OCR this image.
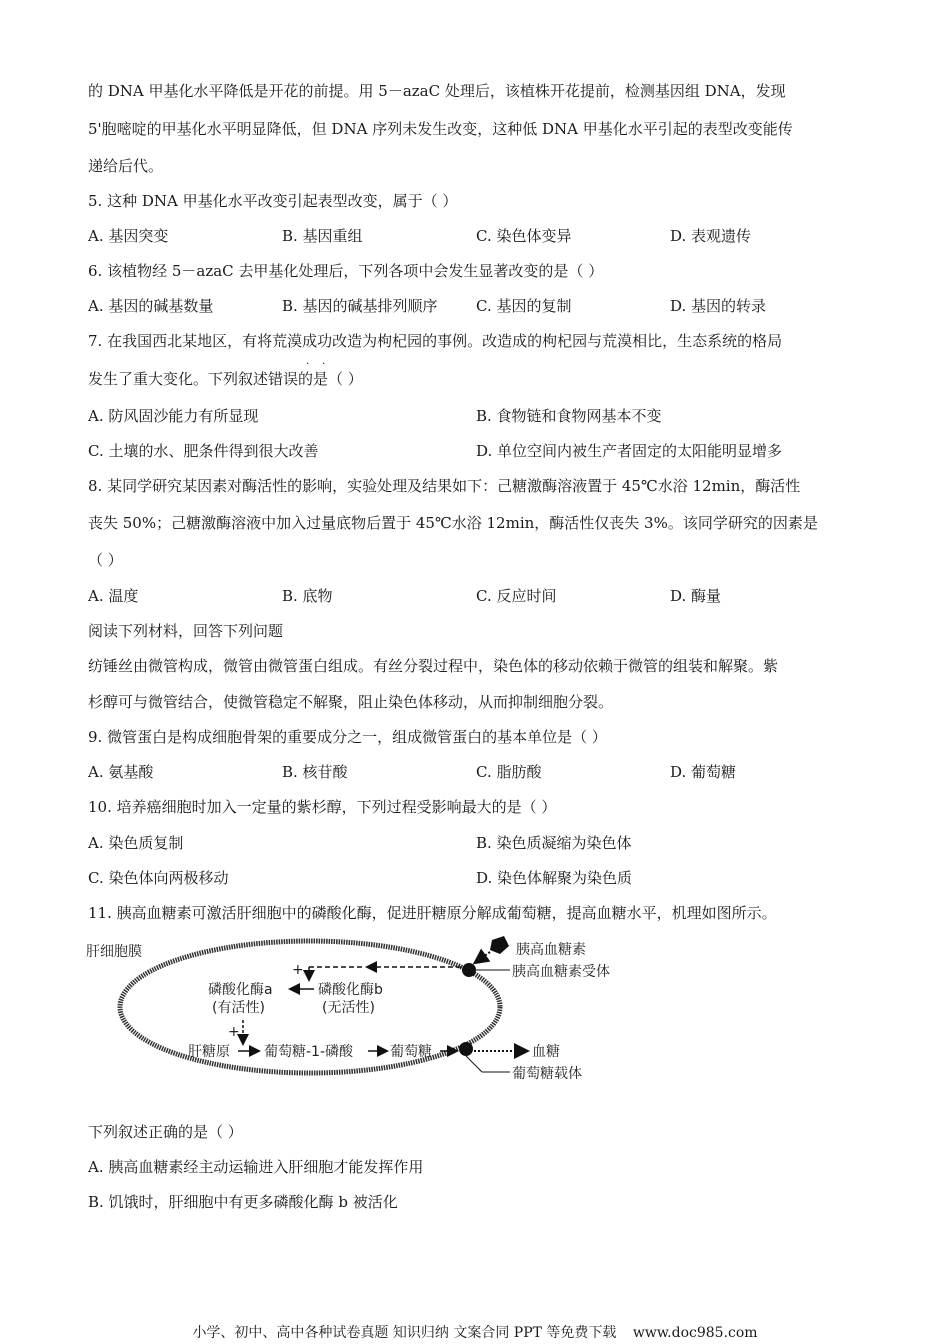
的 DNA 甲基化水平降低是开花的前提。用 5－azaC 处理后，该植株开花提前，检测基因组 DNA，发现
5'胞嘧啶的甲基化水平明显降低，但 DNA 序列未发生改变，这种低 DNA 甲基化水平引起的表型改变能传
递给后代。
5. 这种 DNA 甲基化水平改变引起表型改变，属于（ ）
A. 基因突变	B. 基因重组	C. 染色体变异	D. 表观遗传
6. 该植物经 5－azaC 去甲基化处理后，下列各项中会发生显著改变的是（ ）
A. 基因的碱基数量	B. 基因的碱基排列顺序	C. 基因的复制	D. 基因的转录
7. 在我国西北某地区，有将荒漠成功改造为枸杞园的事例。改造成的枸杞园与荒漠相比，生态系统的格局
· ·
发生了重大变化。下列叙述错误的是（ ）
A. 防风固沙能力有所显现	B. 食物链和食物网基本不变
C. 土壤的水、肥条件得到很大改善	D. 单位空间内被生产者固定的太阳能明显增多
8. 某同学研究某因素对酶活性的影响，实验处理及结果如下：己糖激酶溶液置于 45℃水浴 12min，酶活性
丧失 50%；己糖激酶溶液中加入过量底物后置于 45℃水浴 12min，酶活性仅丧失 3%。该同学研究的因素是
（ ）
A. 温度	B. 底物	C. 反应时间	D. 酶量
阅读下列材料，回答下列问题
纺锤丝由微管构成，微管由微管蛋白组成。有丝分裂过程中，染色体的移动依赖于微管的组装和解聚。紫
杉醇可与微管结合，使微管稳定不解聚，阻止染色体移动，从而抑制细胞分裂。
9. 微管蛋白是构成细胞骨架的重要成分之一，组成微管蛋白的基本单位是（ ）
A. 氨基酸	B. 核苷酸	C. 脂肪酸	D. 葡萄糖
10. 培养癌细胞时加入一定量的紫杉醇，下列过程受影响最大的是（ ）
A. 染色质复制	B. 染色质凝缩为染色体
C. 染色体向两极移动	D. 染色体解聚为染色质
11. 胰高血糖素可激活肝细胞中的磷酸化酶，促进肝糖原分解成葡萄糖，提高血糖水平，机理如图所示。
肝细胞膜	胰高血糖素
胰高血糖素受体
+
磷酸化酶a
(有活性)
磷酸化酶b
(无活性)
+
肝糖原 葡萄糖-1-磷酸	葡萄糖	血糖
葡萄糖载体
下列叙述正确的是（ ）
A. 胰高血糖素经主动运输进入肝细胞才能发挥作用
B. 饥饿时，肝细胞中有更多磷酸化酶 b 被活化
小学、初中、高中各种试卷真题 知识归纳 文案合同 PPT 等免费下载 www.doc985.com
